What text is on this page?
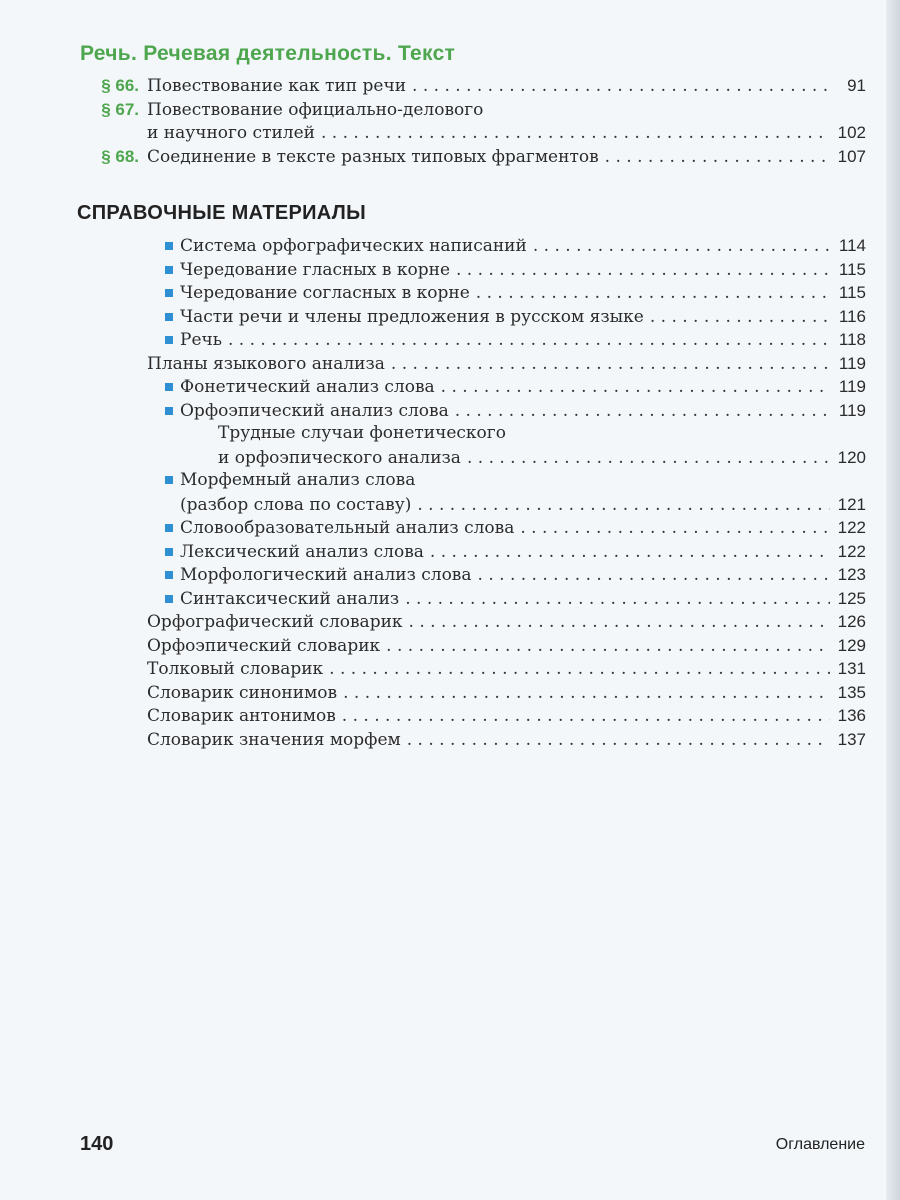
Речь. Речевая деятельность. Текст
§ 66. Повествование как тип речи . . .	91
§ 67. Повествование официально-делового
и научного стилей . . .	102
§ 68. Соединение в тексте разных типовых фрагментов . . .	107
СПРАВОЧНЫЕ МАТЕРИАЛЫ
Система орфографических написаний . . .	114
Чередование гласных в корне . . .	115
Чередование согласных в корне . . .	115
Части речи и члены предложения в русском языке . . .	116
Речь . . .	118
Планы языкового анализа . . .	119
Фонетический анализ слова . . .	119
Орфоэпический анализ слова . . .	119
Трудные случаи фонетического
и орфоэпического анализа . . .	120
Морфемный анализ слова
(разбор слова по составу) . . .	121
Словообразовательный анализ слова . . .	122
Лексический анализ слова . . .	122
Морфологический анализ слова . . .	123
Синтаксический анализ . . .	125
Орфографический словарик . . .	126
Орфоэпический словарик . . .	129
Толковый словарик . . .	131
Словарик синонимов . . .	135
Словарик антонимов . . .	136
Словарик значения морфем . . .	137
140	Оглавление
